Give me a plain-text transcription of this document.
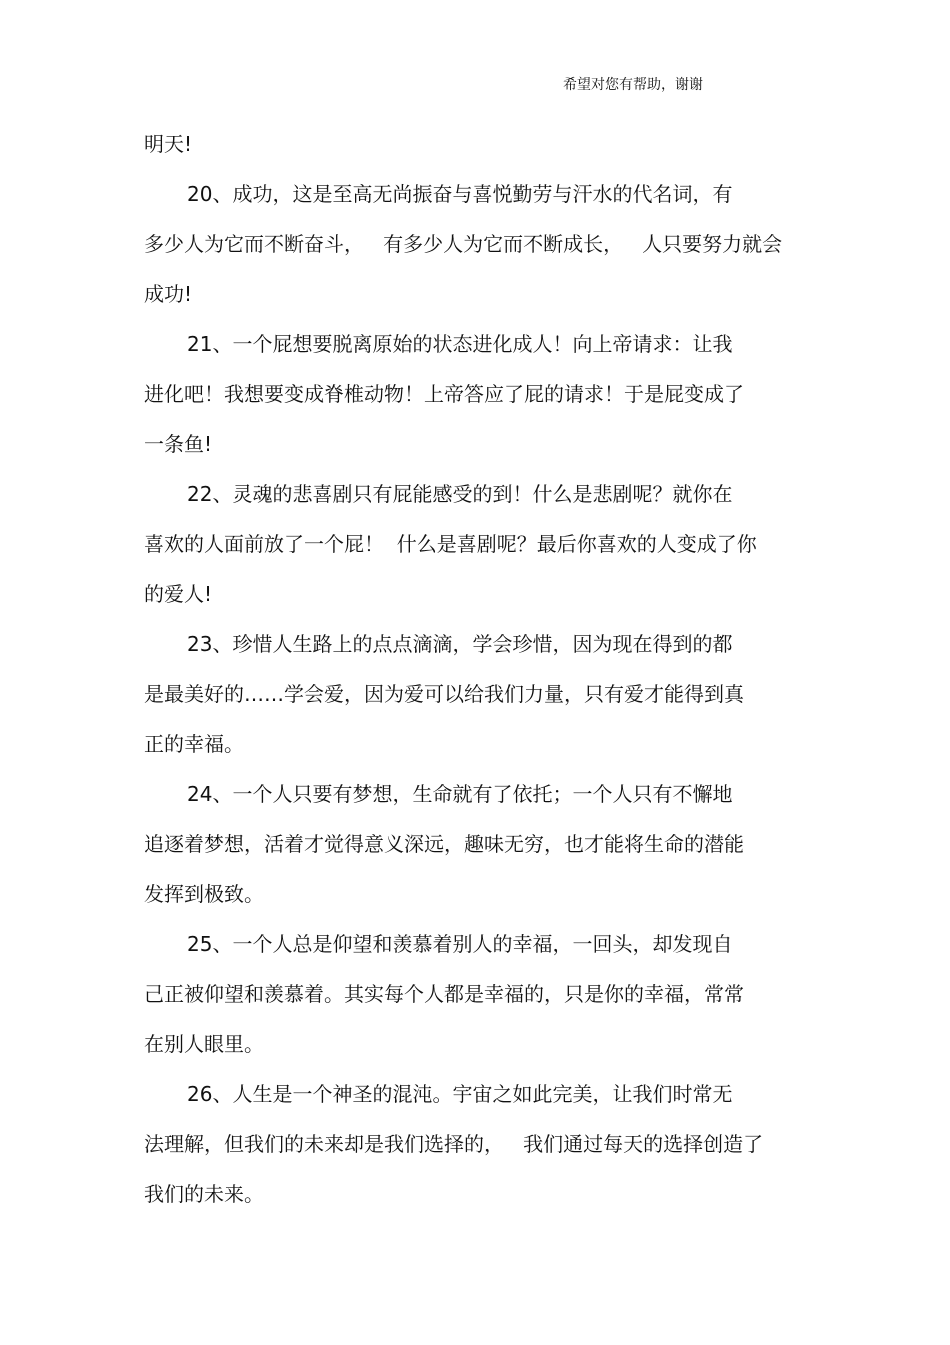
希望对您有帮助，谢谢
明天!
20、成功，这是至高无尚振奋与喜悦勤劳与汗水的代名词，有
多少人为它而不断奋斗，   有多少人为它而不断成长，   人只要努力就会
成功!
21、一个屁想要脱离原始的状态进化成人！向上帝请求：让我
进化吧！我想要变成脊椎动物！上帝答应了屁的请求！于是屁变成了
一条鱼!
22、灵魂的悲喜剧只有屁能感受的到！什么是悲剧呢？就你在
喜欢的人面前放了一个屁！  什么是喜剧呢？最后你喜欢的人变成了你
的爱人!
23、珍惜人生路上的点点滴滴，学会珍惜，因为现在得到的都
是最美好的……学会爱，因为爱可以给我们力量，只有爱才能得到真
正的幸福。
24、一个人只要有梦想，生命就有了依托；一个人只有不懈地
追逐着梦想，活着才觉得意义深远，趣味无穷，也才能将生命的潜能
发挥到极致。
25、一个人总是仰望和羡慕着别人的幸福，一回头，却发现自
己正被仰望和羡慕着。其实每个人都是幸福的，只是你的幸福，常常
在别人眼里。
26、人生是一个神圣的混沌。宇宙之如此完美，让我们时常无
法理解，但我们的未来却是我们选择的，   我们通过每天的选择创造了
我们的未来。
